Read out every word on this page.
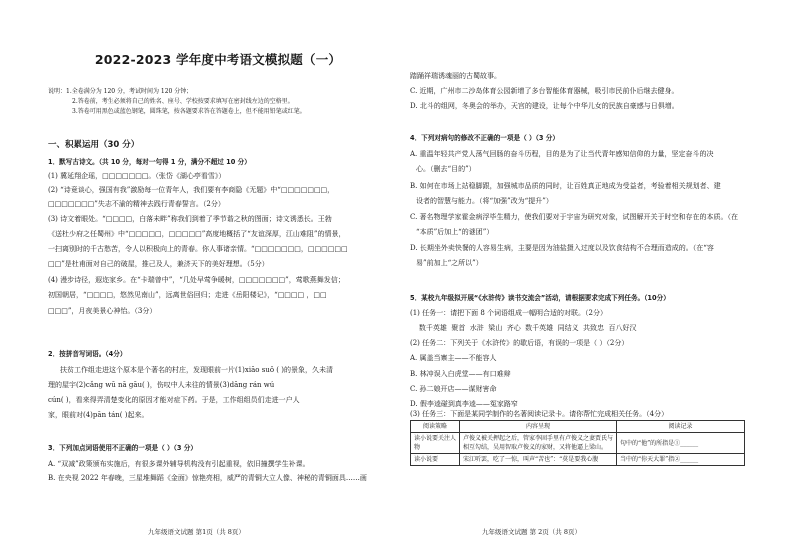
2022-2023 学年度中考语文模拟题（一）
说明：1.全卷满分为 120 分，考试时间为 120 分钟；
2.答卷前，考生必须将自己的姓名、座号、学校按要求填写在密封线左边的空格里。
3.答卷可用黑色或蓝色钢笔，圆珠笔，按各题要求答在答题卷上，但不能用铅笔或红笔。
一、积累运用（30 分）
1．默写古诗文。（共 10 分，每对一句得 1 分，满分不超过 10 分）
(1) 冀延翔企瑶，□□□□□□□。（张岱《湖心亭看雪》）
(2) “诗竟谈心，强国有我”激励每一位青年人，我们要有李商隐《无题》中“□□□□□□□，
□□□□□□□”失志不渝的精神去践行青春誓言。（2分）
(3) 诗文着眼处。“□□□□，白落未畔”称我们到着了季节谐之秋的图面；诗文诱悉长。王勃
《送杜少府之任蜀州》中“□□□□□，□□□□□”高度地概括了“友谊深厚，江山难阻”的情景，
一扫离别时的千古愁苦，令人以积极向上的青春。你人事诸亲情。“□□□□□□□，□□□□□□
□□”是杜甫面对自己的破屋，推己及人，兼济天下的美好理想。（5分）
(4) 漫步诗径，遐迩家乡。在“卡瑞曾中”，“几处早莺争暖树，□□□□□□□”，莺歌燕舞发信；
初国朝居，“□□□□，悠然见南山”，远离世俗回归；走进《岳阳楼记》，“□□□□ ，□□
□□□”，月夜美景心神怡。（3分）
2．按拼音写词语。（4分）
扶贫工作组走进这个原本是个著名的村庄，发现眼前一片(1)xiāo suǒ ( )的景象，久未清
理的屋宇(2)cǎng wū nā gāu( )，伤叹中人未往的情景(3)dāng rán wú
cún( )，看来得弄清楚变化的原因才能对症下药。于是，工作组组员们走进一户人
家，眼前对(4)pān tán( )起来。
3．下列加点词语使用不正确的一项是（ ）（3 分）
A. “双减”政策颁布实施后，有很多课外辅导机构没有引起重视，依旧撞撰学生补课。
B. 在央视 2022 年春晚，三星堆舞蹈《金面》惊艳亮相，威严的青铜大立人像、神秘的青铜面具……画
九年级语文试题 第1页（共 8页）
踏踊祥瑞诱魂丽的古蜀故事。
C. 近期，广州市二沙岛体育公园新增了多台智能体育器械，吸引市民前仆后继去健身。
D. 北斗的组网，冬奥会的举办，天宫的建设，让每个中华儿女的民族自豪感与日俱增。
4．下列对病句的修改不正确的一项是（ ）（3 分）
A. 重温年轻共产党人荡气回肠的奋斗历程，目的是为了让当代青年感知信仰的力量，坚定奋斗的决
心。（删去“目的”）
B. 如何在市场上站稳脚跟，加强城市品质的同时，让百姓真正地成为受益者，考验着相关规划者、建
设者的智慧与能力。（将“加强”改为“提升”）
C. 著名物理学家霍金病浮毕生精力，使我们要对于宇宙为研究对象，试图解开关于时空和存在的本质。（在
“本质”后加上“的谜团”）
D. 长期坐外卖快餐的人容易生病，主要是因为油盐摄入过度以及饮食结构不合理而造成的。（在“容
易”前加上“之所以”）
5．某校九年级拟开展“《水浒传》读书交流会”活动，请根据要求完成下列任务。（10分）
(1) 任务一：请把下面 8 个词语组成一幅明合适的对联。（2分）
数千英雄  聚首  水浒  梁山  齐心  数千英雄  同结义  共致忠  百八好汉
(2) 任务二：下列关于《水浒传》的歇后语，有误的一项是（ ）（2分）
A. 属盖当寨主——不能容人
B. 林冲误入白虎堂——有口难辩
C. 孙二娘开店——谋财害命
D. 假李逵碰到真李逵——冤家路窄
(3) 任务三：下面是某同学制作的名著阅读记录卡。请你帮忙完成相关任务。（4分）
阅读策略	内容呈现	阅读记录
读小说要关注人物	卢俊义被关押起之后，管家李固手里有卢俊义之妻贾氏与相互勾结，吴用智取卢俊义的家财，又将他逼上梁山。	句中的“他”的所指是①______
读小说要	宋江听罢，吃了一惊，叫声“苦也”：“莫是要我心腹	当中的“你天大罪”指②______
九年级语文试题 第 2页（共 8页）
